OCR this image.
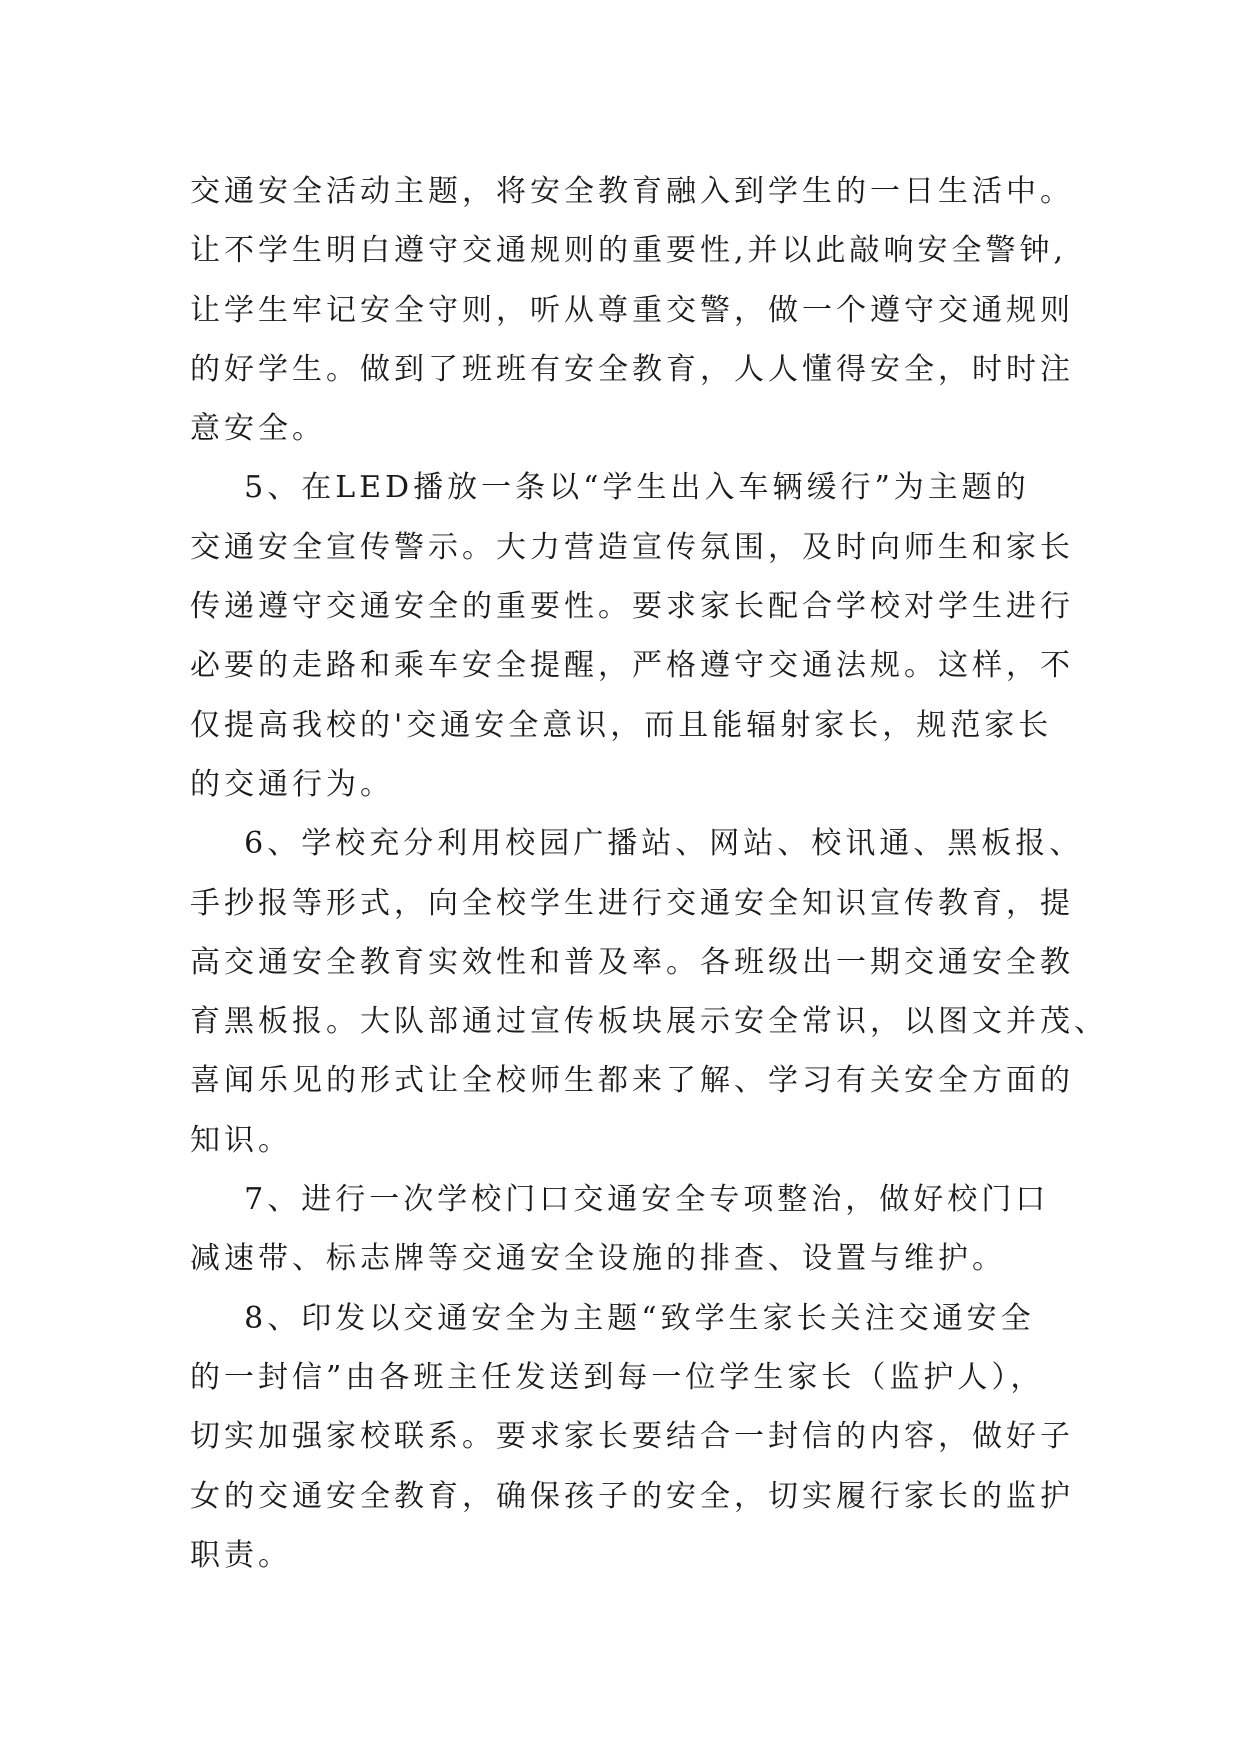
交通安全活动主题，将安全教育融入到学生的一日生活中。
让不学生明白遵守交通规则的重要性,并以此敲响安全警钟,
让学生牢记安全守则，听从尊重交警，做一个遵守交通规则
的好学生。做到了班班有安全教育，人人懂得安全，时时注
意安全。
5、在LED播放一条以“学生出入车辆缓行”为主题的
交通安全宣传警示。大力营造宣传氛围，及时向师生和家长
传递遵守交通安全的重要性。要求家长配合学校对学生进行
必要的走路和乘车安全提醒，严格遵守交通法规。这样，不
仅提高我校的'交通安全意识，而且能辐射家长，规范家长
的交通行为。
6、学校充分利用校园广播站、网站、校讯通、黑板报、
手抄报等形式，向全校学生进行交通安全知识宣传教育，提
高交通安全教育实效性和普及率。各班级出一期交通安全教
育黑板报。大队部通过宣传板块展示安全常识，以图文并茂、
喜闻乐见的形式让全校师生都来了解、学习有关安全方面的
知识。
7、进行一次学校门口交通安全专项整治，做好校门口
减速带、标志牌等交通安全设施的排查、设置与维护。
8、印发以交通安全为主题“致学生家长关注交通安全
的一封信”由各班主任发送到每一位学生家长（监护人），
切实加强家校联系。要求家长要结合一封信的内容，做好子
女的交通安全教育，确保孩子的安全，切实履行家长的监护
职责。
